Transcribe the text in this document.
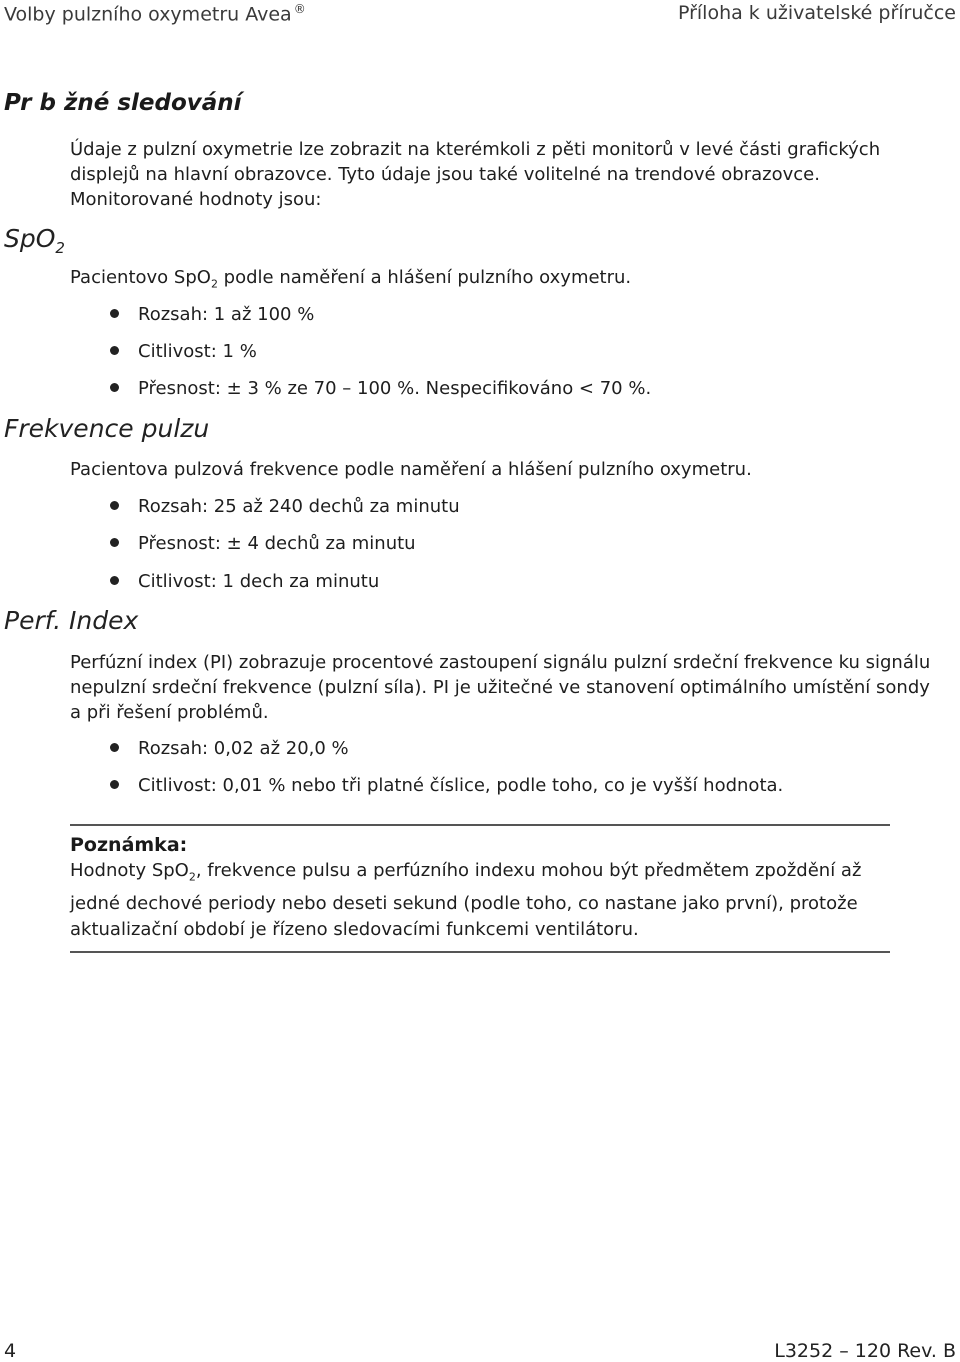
Volby pulzního oxymetru Avea ®	Příloha k uživatelské příručce
Pr b žné sledování
Údaje z pulzní oxymetrie lze zobrazit na kterémkoli z pěti monitorů v levé části grafických displejů na hlavní obrazovce. Tyto údaje jsou také volitelné na trendové obrazovce. Monitorované hodnoty jsou:
SpO$_2$
Pacientovo SpO$_2$ podle naměření a hlášení pulzního oxymetru.
Rozsah: 1 až 100 %
Citlivost: 1 %
Přesnost: ± 3 % ze 70 – 100 %. Nespecifikováno < 70 %.
Frekvence pulzu
Pacientova pulzová frekvence podle naměření a hlášení pulzního oxymetru.
Rozsah: 25 až 240 dechů za minutu
Přesnost: ± 4 dechů za minutu
Citlivost: 1 dech za minutu
Perf. Index
Perfúzní index (PI) zobrazuje procentové zastoupení signálu pulzní srdeční frekvence ku signálu nepulzní srdeční frekvence (pulzní síla). PI je užitečné ve stanovení optimálního umístění sondy a při řešení problémů.
Rozsah: 0,02 až 20,0 %
Citlivost: 0,01 % nebo tři platné číslice, podle toho, co je vyšší hodnota.
Poznámka:
Hodnoty SpO$_2$, frekvence pulsu a perfúzního indexu mohou být předmětem zpoždění až jedné dechové periody nebo deseti sekund (podle toho, co nastane jako první), protože aktualizační období je řízeno sledovacími funkcemi ventilátoru.
4	L3252 – 120 Rev. B
